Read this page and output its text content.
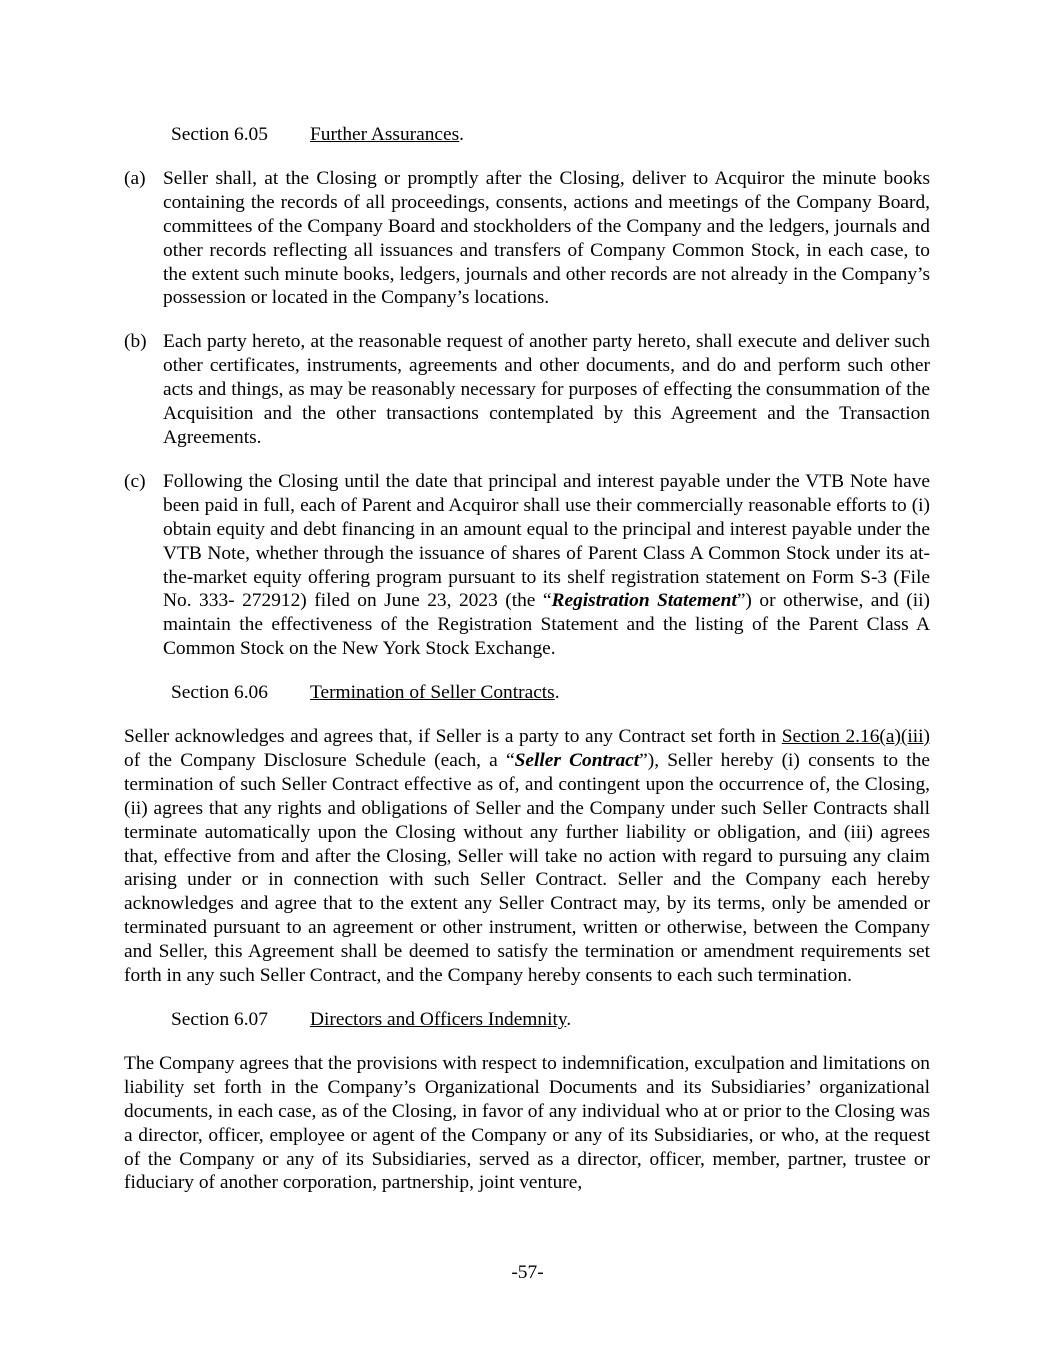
Section 6.05 Further Assurances.
(a) Seller shall, at the Closing or promptly after the Closing, deliver to Acquiror the minute books containing the records of all proceedings, consents, actions and meetings of the Company Board, committees of the Company Board and stockholders of the Company and the ledgers, journals and other records reflecting all issuances and transfers of Company Common Stock, in each case, to the extent such minute books, ledgers, journals and other records are not already in the Company’s possession or located in the Company’s locations.
(b) Each party hereto, at the reasonable request of another party hereto, shall execute and deliver such other certificates, instruments, agreements and other documents, and do and perform such other acts and things, as may be reasonably necessary for purposes of effecting the consummation of the Acquisition and the other transactions contemplated by this Agreement and the Transaction Agreements.
(c) Following the Closing until the date that principal and interest payable under the VTB Note have been paid in full, each of Parent and Acquiror shall use their commercially reasonable efforts to (i) obtain equity and debt financing in an amount equal to the principal and interest payable under the VTB Note, whether through the issuance of shares of Parent Class A Common Stock under its at-the-market equity offering program pursuant to its shelf registration statement on Form S-3 (File No. 333- 272912) filed on June 23, 2023 (the “Registration Statement”) or otherwise, and (ii) maintain the effectiveness of the Registration Statement and the listing of the Parent Class A Common Stock on the New York Stock Exchange.
Section 6.06 Termination of Seller Contracts.
Seller acknowledges and agrees that, if Seller is a party to any Contract set forth in Section 2.16(a)(iii) of the Company Disclosure Schedule (each, a “Seller Contract”), Seller hereby (i) consents to the termination of such Seller Contract effective as of, and contingent upon the occurrence of, the Closing, (ii) agrees that any rights and obligations of Seller and the Company under such Seller Contracts shall terminate automatically upon the Closing without any further liability or obligation, and (iii) agrees that, effective from and after the Closing, Seller will take no action with regard to pursuing any claim arising under or in connection with such Seller Contract. Seller and the Company each hereby acknowledges and agree that to the extent any Seller Contract may, by its terms, only be amended or terminated pursuant to an agreement or other instrument, written or otherwise, between the Company and Seller, this Agreement shall be deemed to satisfy the termination or amendment requirements set forth in any such Seller Contract, and the Company hereby consents to each such termination.
Section 6.07 Directors and Officers Indemnity.
The Company agrees that the provisions with respect to indemnification, exculpation and limitations on liability set forth in the Company’s Organizational Documents and its Subsidiaries’ organizational documents, in each case, as of the Closing, in favor of any individual who at or prior to the Closing was a director, officer, employee or agent of the Company or any of its Subsidiaries, or who, at the request of the Company or any of its Subsidiaries, served as a director, officer, member, partner, trustee or fiduciary of another corporation, partnership, joint venture,
-57-
